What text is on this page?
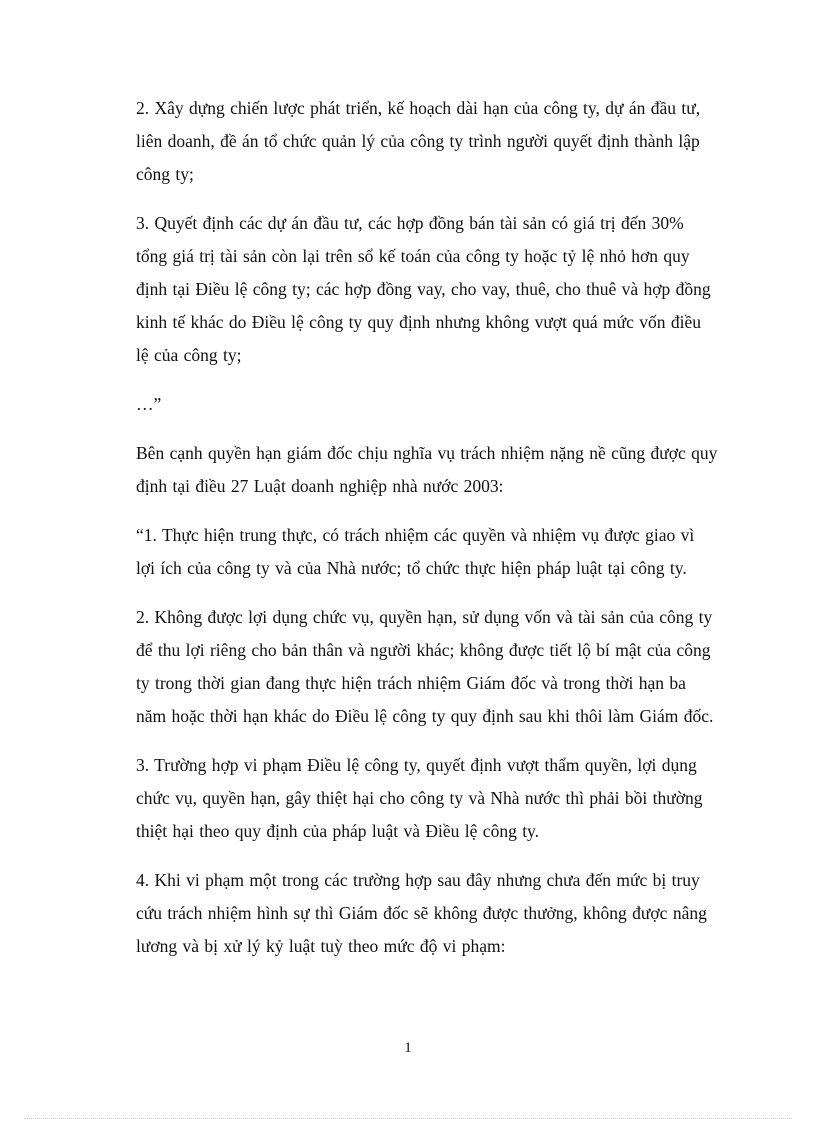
2. Xây dựng chiến lược phát triển, kế hoạch dài hạn của công ty, dự án đầu tư, liên doanh, đề án tổ chức quản lý của công ty trình người quyết định thành lập công ty;

3. Quyết định các dự án đầu tư, các hợp đồng bán tài sản có giá trị đến 30% tổng giá trị tài sản còn lại trên sổ kế toán của công ty hoặc tỷ lệ nhỏ hơn quy định tại Điều lệ công ty; các hợp đồng vay, cho vay, thuê, cho thuê và hợp đồng kinh tế khác do Điều lệ công ty quy định nhưng không vượt quá mức vốn điều lệ của công ty;

…”

Bên cạnh quyền hạn giám đốc chịu nghĩa vụ trách nhiệm nặng nề cũng được quy định tại điều 27 Luật doanh nghiệp nhà nước 2003:

“1. Thực hiện trung thực, có trách nhiệm các quyền và nhiệm vụ được giao vì lợi ích của công ty và của Nhà nước; tổ chức thực hiện pháp luật tại công ty.

2. Không được lợi dụng chức vụ, quyền hạn, sử dụng vốn và tài sản của công ty để thu lợi riêng cho bản thân và người khác; không được tiết lộ bí mật của công ty trong thời gian đang thực hiện trách nhiệm Giám đốc và trong thời hạn ba năm hoặc thời hạn khác do Điều lệ công ty quy định sau khi thôi làm Giám đốc.

3. Trường hợp vi phạm Điều lệ công ty, quyết định vượt thẩm quyền, lợi dụng chức vụ, quyền hạn, gây thiệt hại cho công ty và Nhà nước thì phải bồi thường thiệt hại theo quy định của pháp luật và Điều lệ công ty.

4. Khi vi phạm một trong các trường hợp sau đây nhưng chưa đến mức bị truy cứu trách nhiệm hình sự thì Giám đốc sẽ không được thưởng, không được nâng lương và bị xử lý kỷ luật tuỳ theo mức độ vi phạm:

1
